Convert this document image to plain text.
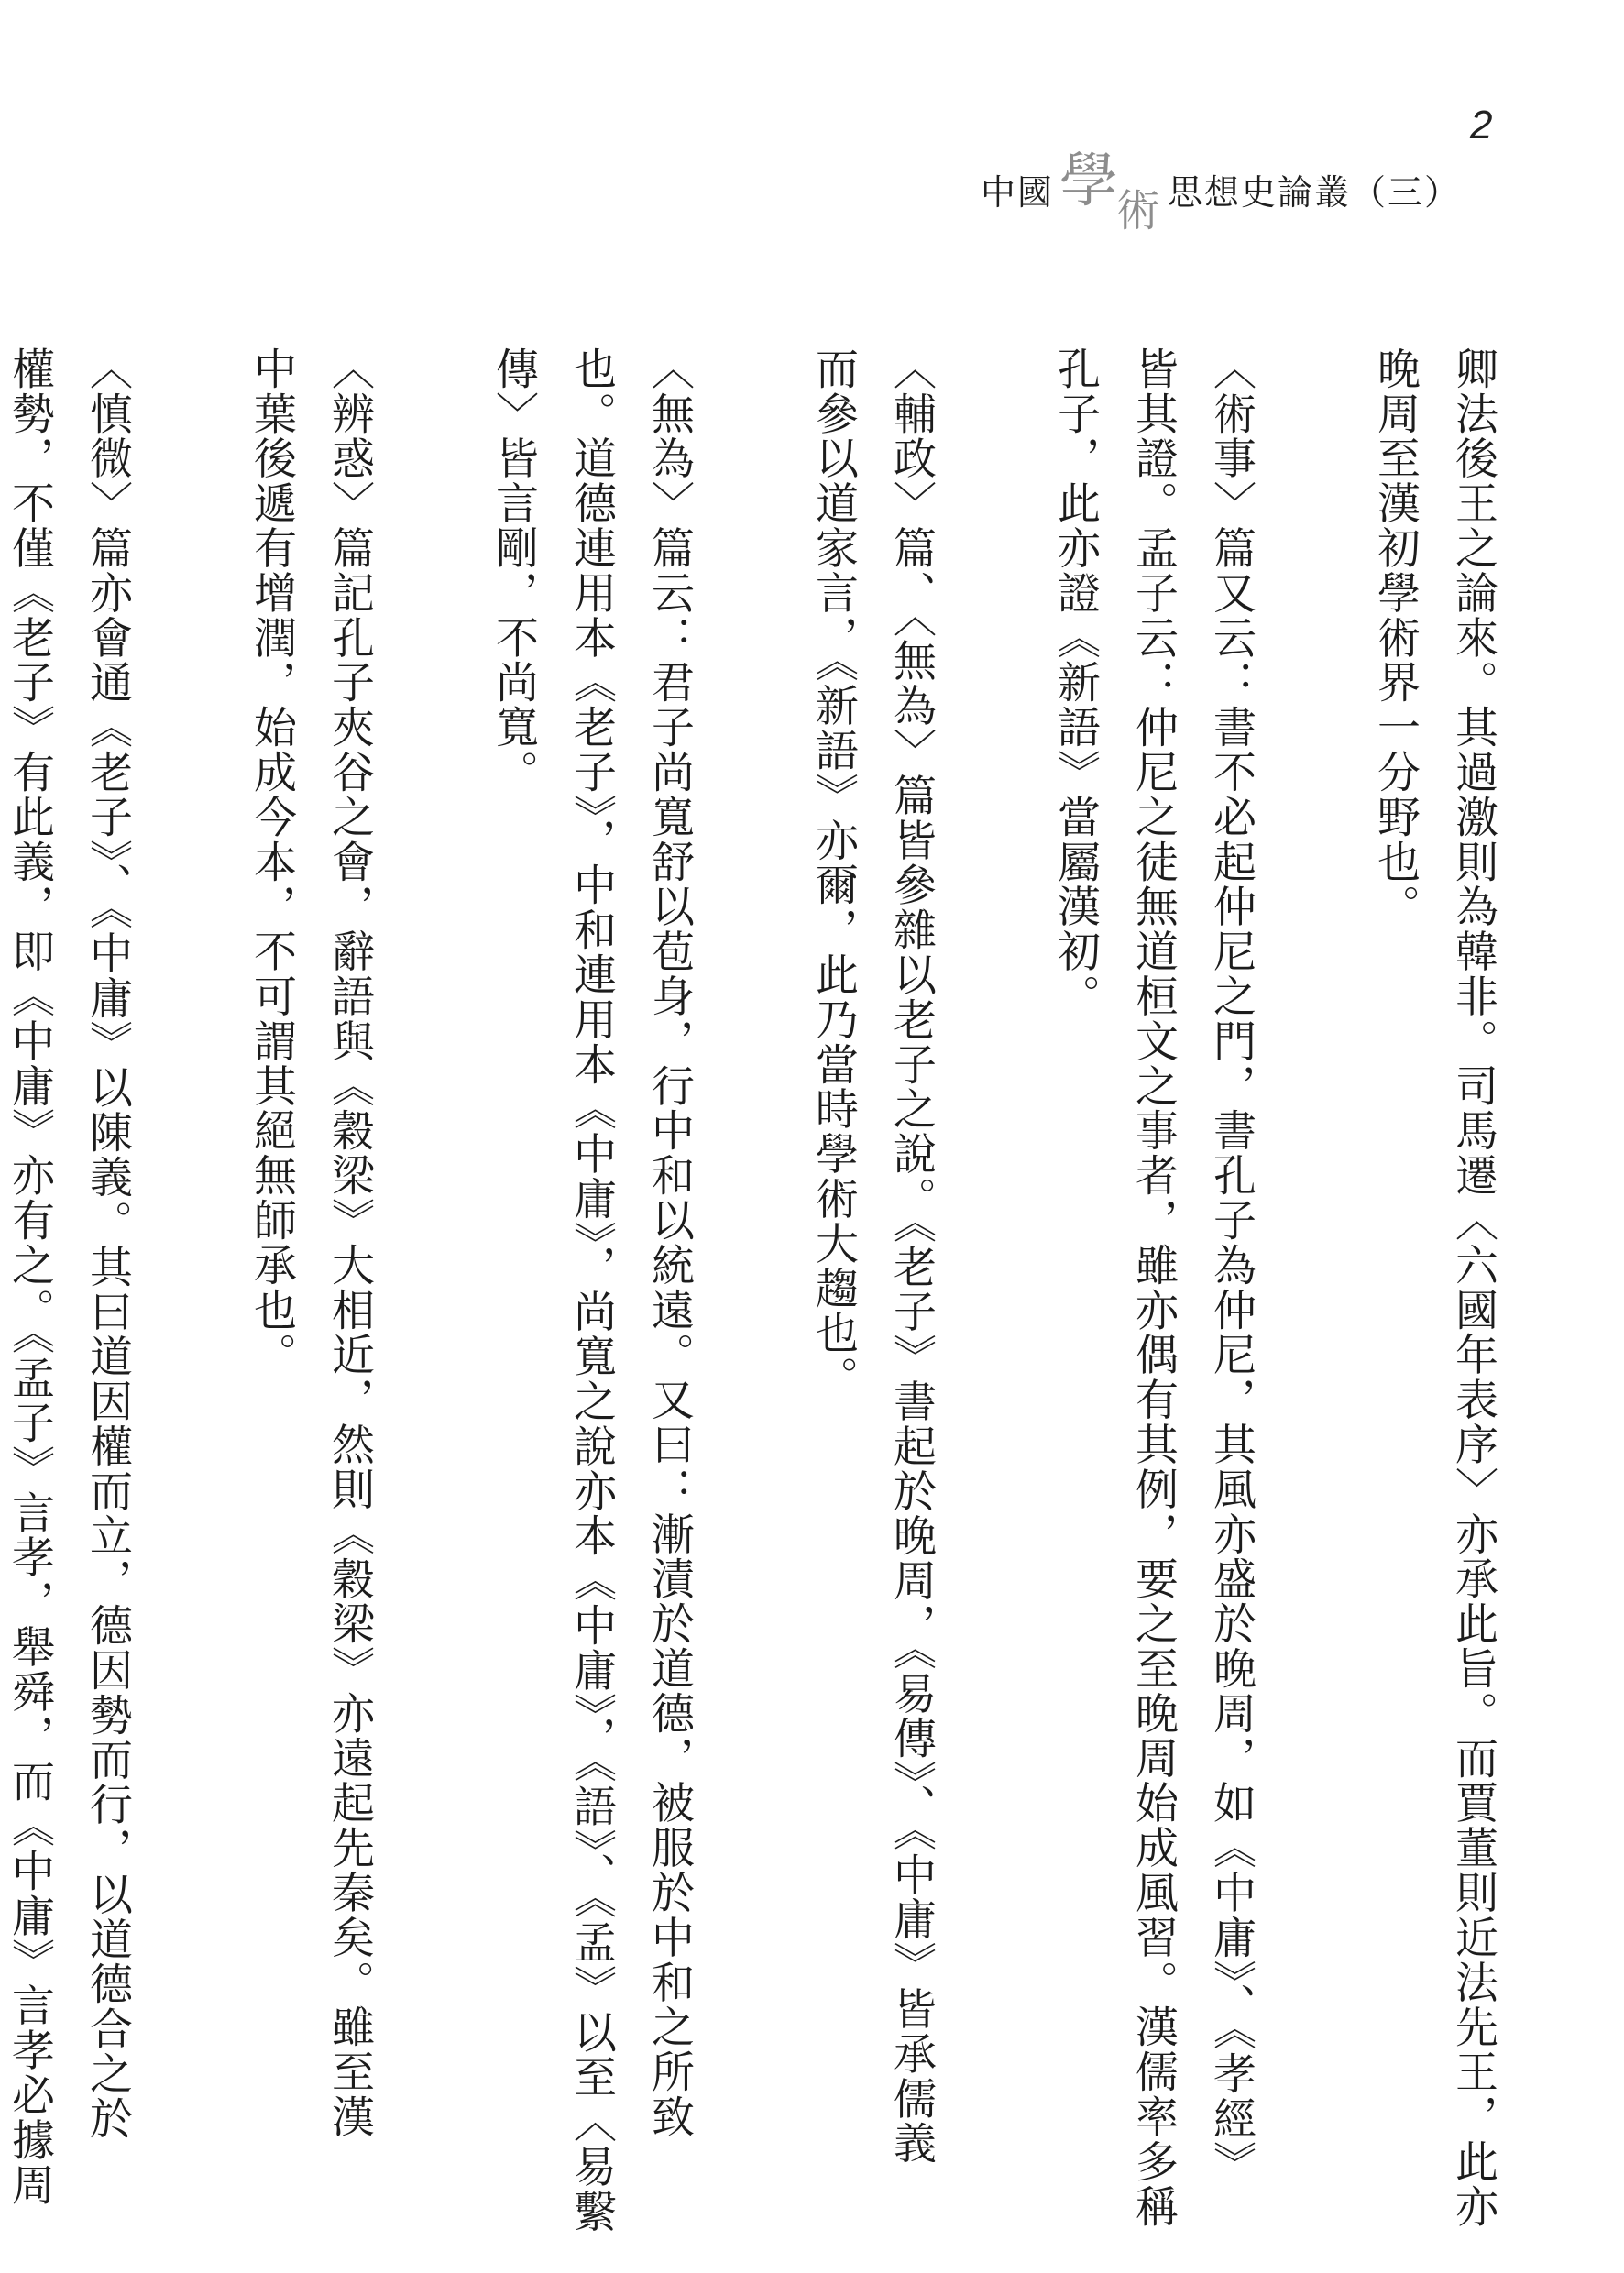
中國 學
術 思想史論叢（三）
2
卿法後王之論來。其過激則為韓非。司馬遷〈六國年表序〉亦承此旨。而賈董則近法先王，此亦
晚周至漢初學術界一分野也。
〈術事〉篇又云：書不必起仲尼之門，書孔子為仲尼，其風亦盛於晚周，如《中庸》、《孝經》
皆其證。孟子云：仲尼之徒無道桓文之事者，雖亦偶有其例，要之至晚周始成風習。漢儒率多稱
孔子，此亦證《新語》當屬漢初。
〈輔政〉篇、〈無為〉篇皆參雜以老子之說。《老子》書起於晚周，《易傳》、《中庸》皆承儒義
而參以道家言，《新語》亦爾，此乃當時學術大趨也。
〈無為〉篇云：君子尚寬舒以苞身，行中和以統遠。又曰：漸漬於道德，被服於中和之所致
也。道德連用本《老子》，中和連用本《中庸》，尚寬之說亦本《中庸》，《語》、《孟》以至〈易繫
傳〉皆言剛，不尚寬。
〈辨惑〉篇記孔子夾谷之會，辭語與《穀梁》大相近，然則《穀梁》亦遠起先秦矣。雖至漢
中葉後遞有增潤，始成今本，不可謂其絕無師承也。
〈慎微〉篇亦會通《老子》、《中庸》以陳義。其曰道因權而立，德因勢而行，以道德合之於
權勢，不僅《老子》有此義，即《中庸》亦有之。《孟子》言孝，舉舜，而《中庸》言孝必據周
